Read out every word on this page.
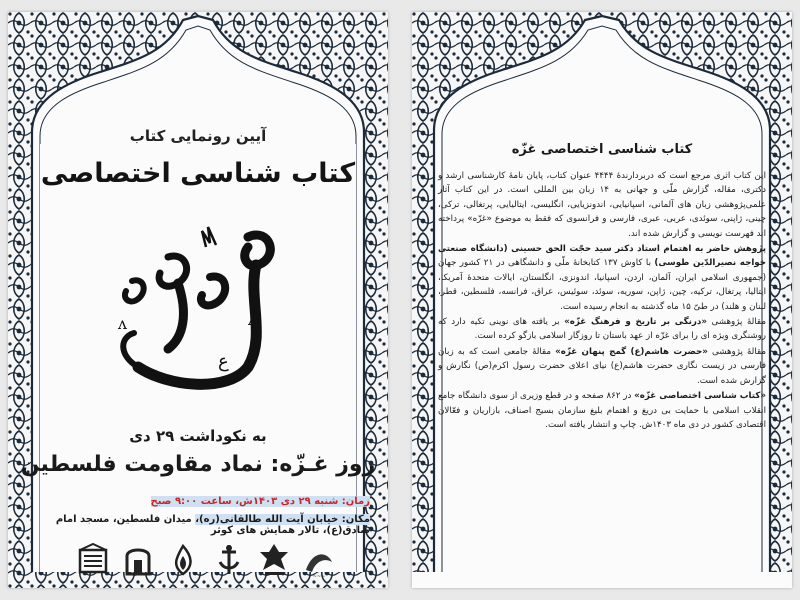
آیین رونمایی کتاب
کتاب شناسی اختصاصی
ع
ʌ	ʌ
به نکوداشت ۲۹ دی
روز غـزّه: نماد مقاومت فلسطین
زمان: شنبه ۲۹ دی ۱۴۰۳ش، ساعت ۹:۰۰ صبح
مکان: خیابان آیت الله طالقانی(ره)، میدان فلسطین، مسجد امام صادق(ع)، تالار همایش های کوثر
~~~
کتاب شناسی اختصاصی غزّه

این کتاب اثری مرجع است که دربردارندۀ ۴۴۴۴ عنوان کتاب، پایان نامۀ کارشناسی ارشد و دکتری، مقاله، گزارش ملّی و جهانی به ۱۴ زبان بین المللی است. در این کتاب آثار علمی‌پژوهشی زبان های آلمانی، اسپانیایی، اندونزیایی، انگلیسی، ایتالیایی، پرتغالی، ترکی، چینی، ژاپنی، سوئدی، عربی، عبری، فارسی و فرانسوی که فقط به موضوع «غزّه» پرداخته اند فهرست نویسی و گزارش شده اند.

پژوهش حاضر به اهتمام استاد دکتر سید حجّت الحق حسینی (دانشگاه صنعتی خواجه نصیرالدّین طوسی) با کاوش ۱۳۷ کتابخانۀ ملّی و دانشگاهی در ۲۱ کشور جهان (جمهوری اسلامی ایران، آلمان، اردن، اسپانیا، اندونزی، انگلستان، ایالات متحدۀ آمریکا، ایتالیا، پرتغال، ترکیه، چین، ژاپن، سوریه، سوئد، سوئیس، عراق، فرانسه، فلسطین، قطر، لبنان و هلند) در طیّ ۱۵ ماه گذشته به انجام رسیده است.

مقالۀ پژوهشی «درنگی بر تاریخ و فرهنگ غزّه» بر یافته های نوینی تکیه دارد که روشنگری ویژه ای را برای غزّه از عهد باستان تا روزگار اسلامی بازگو کرده است.

مقالۀ پژوهشی «حضرت هاشم(ع) گمج پنهان غزّه» مقالۀ جامعی است که به زبان فارسی در زیست نگاری حضرت هاشم(ع) نیای اعلای حضرت رسول اکرم(ص) نگارش و گزارش شده است.

«کتاب شناسی اختصاصی غزّه» در ۸۶۲ صفحه و در قطع وزیری از سوی دانشگاه جامع انقلاب اسلامی با حمایت بی دریغ و اهتمام بلیغ سازمان بسیج اصناف، بازاریان و فعّالان اقتصادی کشور در دی ماه ۱۴۰۳ش. چاپ و انتشار یافته است.
